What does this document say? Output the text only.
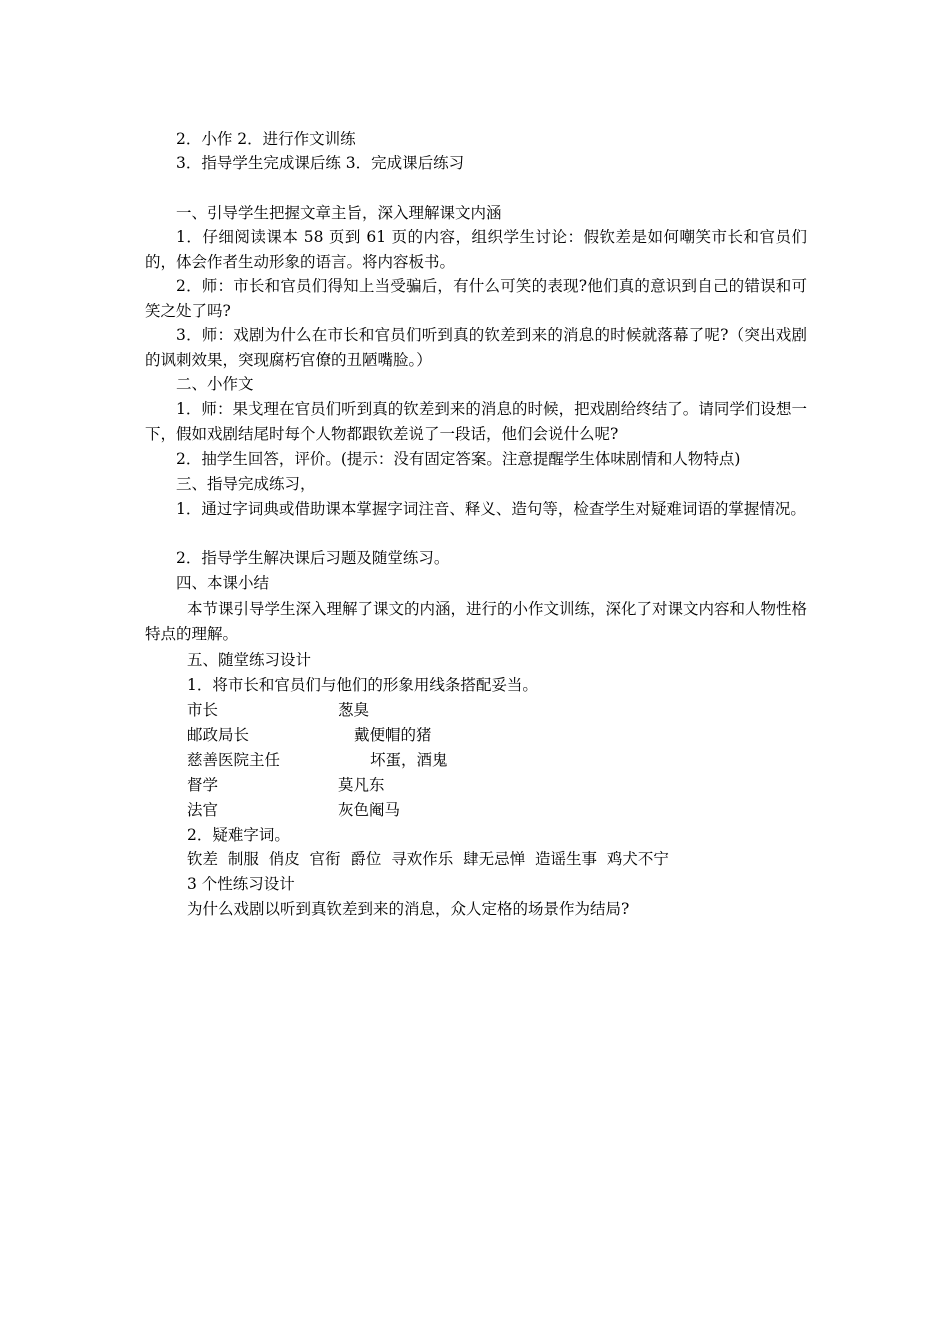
2．小作 2．进行作文训练
3．指导学生完成课后练 3．完成课后练习
一、引导学生把握文章主旨，深入理解课文内涵
1．仔细阅读课本 58 页到 61 页的内容，组织学生讨论：假钦差是如何嘲笑市长和官员们的，体会作者生动形象的语言。将内容板书。
2．师：市长和官员们得知上当受骗后，有什么可笑的表现?他们真的意识到自己的错误和可笑之处了吗?
3．师：戏剧为什么在市长和官员们听到真的钦差到来的消息的时候就落幕了呢?（突出戏剧的讽刺效果，突现腐朽官僚的丑陋嘴脸。）
二、小作文
1．师：果戈理在官员们听到真的钦差到来的消息的时候，把戏剧给终结了。请同学们设想一下，假如戏剧结尾时每个人物都跟钦差说了一段话，他们会说什么呢?
2．抽学生回答，评价。(提示：没有固定答案。注意提醒学生体味剧情和人物特点)
三、指导完成练习，
1．通过字词典或借助课本掌握字词注音、释义、造句等，检查学生对疑难词语的掌握情况。
2．指导学生解决课后习题及随堂练习。
四、本课小结
本节课引导学生深入理解了课文的内涵，进行的小作文训练，深化了对课文内容和人物性格特点的理解。
五、随堂练习设计
1．将市长和官员们与他们的形象用线条搭配妥当。
市长
邮政局长
慈善医院主任
督学
法官
葱臭
戴便帽的猪
坏蛋，酒鬼
莫凡东
灰色阉马
2．疑难字词。
钦差  制服  俏皮  官衔  爵位  寻欢作乐  肆无忌惮  造谣生事  鸡犬不宁
3 个性练习设计
为什么戏剧以听到真钦差到来的消息，众人定格的场景作为结局?
